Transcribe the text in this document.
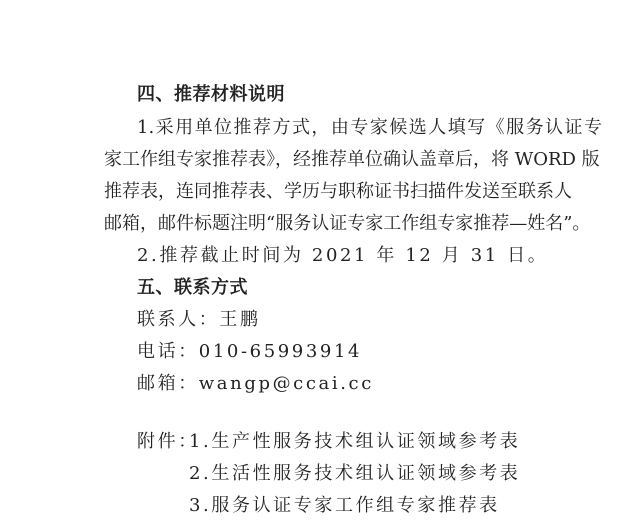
四、推荐材料说明
1.采用单位推荐方式，由专家候选人填写《服务认证专
家工作组专家推荐表》，经推荐单位确认盖章后，将 WORD 版
推荐表，连同推荐表、学历与职称证书扫描件发送至联系人
邮箱，邮件标题注明“服务认证专家工作组专家推荐—姓名”。
2.推荐截止时间为 2021 年 12 月 31 日。
五、联系方式
联系人：王鹏
电话：010-65993914
邮箱：wangp@ccai.cc
附件：
1.生产性服务技术组认证领域参考表
2.生活性服务技术组认证领域参考表
3.服务认证专家工作组专家推荐表
